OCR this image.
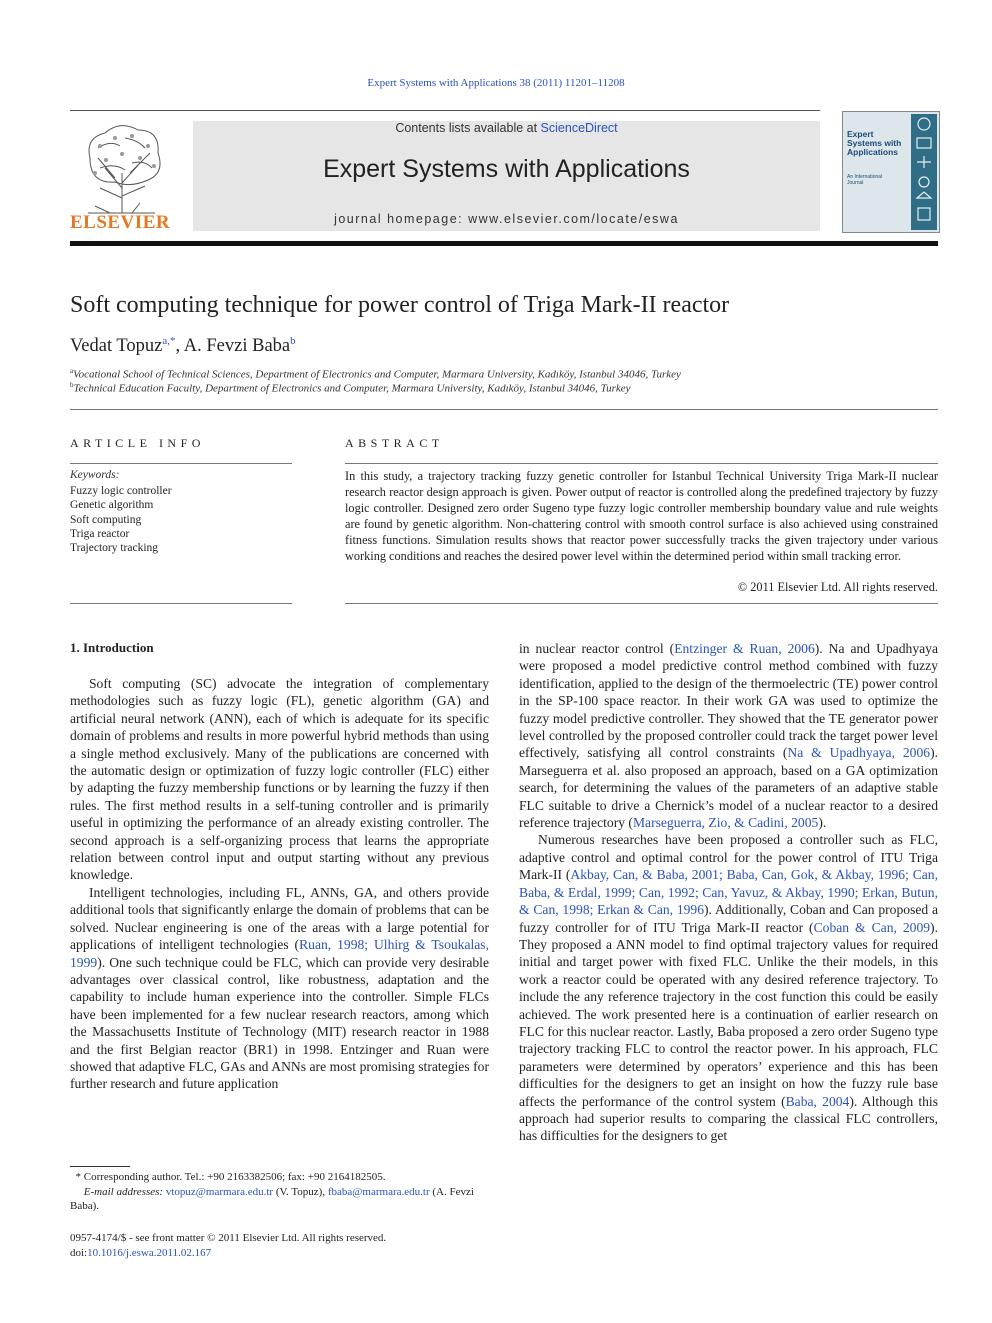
Expert Systems with Applications 38 (2011) 11201–11208
ELSEVIER
Contents lists available at ScienceDirect
Expert Systems with Applications
journal homepage: www.elsevier.com/locate/eswa
Expert Systems with Applications
An International Journal
Soft computing technique for power control of Triga Mark-II reactor
Vedat Topuz$^{a,*}$, A. Fevzi Baba$^b$
$^a$Vocational School of Technical Sciences, Department of Electronics and Computer, Marmara University, Kadıköy, Istanbul 34046, Turkey
$^b$Technical Education Faculty, Department of Electronics and Computer, Marmara University, Kadıköy, Istanbul 34046, Turkey
ARTICLE INFO
Keywords:
Fuzzy logic controller
Genetic algorithm
Soft computing
Triga reactor
Trajectory tracking
ABSTRACT
In this study, a trajectory tracking fuzzy genetic controller for Istanbul Technical University Triga Mark-II nuclear research reactor design approach is given. Power output of reactor is controlled along the predefined trajectory by fuzzy logic controller. Designed zero order Sugeno type fuzzy logic controller membership boundary value and rule weights are found by genetic algorithm. Non-chattering control with smooth control surface is also achieved using constrained fitness functions. Simulation results shows that reactor power successfully tracks the given trajectory under various working conditions and reaches the desired power level within the determined period within small tracking error.
© 2011 Elsevier Ltd. All rights reserved.
1. Introduction

Soft computing (SC) advocate the integration of complementary methodologies such as fuzzy logic (FL), genetic algorithm (GA) and artificial neural network (ANN), each of which is adequate for its specific domain of problems and results in more powerful hybrid methods than using a single method exclusively. Many of the publications are concerned with the automatic design or optimization of fuzzy logic controller (FLC) either by adapting the fuzzy membership functions or by learning the fuzzy if then rules. The first method results in a self-tuning controller and is primarily useful in optimizing the performance of an already existing controller. The second approach is a self-organizing process that learns the appropriate relation between control input and output starting without any previous knowledge.

Intelligent technologies, including FL, ANNs, GA, and others provide additional tools that significantly enlarge the domain of problems that can be solved. Nuclear engineering is one of the areas with a large potential for applications of intelligent technologies (Ruan, 1998; Ulhirg & Tsoukalas, 1999). One such technique could be FLC, which can provide very desirable advantages over classical control, like robustness, adaptation and the capability to include human experience into the controller. Simple FLCs have been implemented for a few nuclear research reactors, among which the Massachusetts Institute of Technology (MIT) research reactor in 1988 and the first Belgian reactor (BR1) in 1998. Entzinger and Ruan were showed that adaptive FLC, GAs and ANNs are most promising strategies for further research and future application

in nuclear reactor control (Entzinger & Ruan, 2006). Na and Upadhyaya were proposed a model predictive control method combined with fuzzy identification, applied to the design of the thermoelectric (TE) power control in the SP-100 space reactor. In their work GA was used to optimize the fuzzy model predictive controller. They showed that the TE generator power level controlled by the proposed controller could track the target power level effectively, satisfying all control constraints (Na & Upadhyaya, 2006). Marseguerra et al. also proposed an approach, based on a GA optimization search, for determining the values of the parameters of an adaptive stable FLC suitable to drive a Chernick’s model of a nuclear reactor to a desired reference trajectory (Marseguerra, Zio, & Cadini, 2005).

Numerous researches have been proposed a controller such as FLC, adaptive control and optimal control for the power control of ITU Triga Mark-II (Akbay, Can, & Baba, 2001; Baba, Can, Gok, & Akbay, 1996; Can, Baba, & Erdal, 1999; Can, 1992; Can, Yavuz, & Akbay, 1990; Erkan, Butun, & Can, 1998; Erkan & Can, 1996). Additionally, Coban and Can proposed a fuzzy controller for of ITU Triga Mark-II reactor (Coban & Can, 2009). They proposed a ANN model to find optimal trajectory values for required initial and target power with fixed FLC. Unlike the their models, in this work a reactor could be operated with any desired reference trajectory. To include the any reference trajectory in the cost function this could be easily achieved. The work presented here is a continuation of earlier research on FLC for this nuclear reactor. Lastly, Baba proposed a zero order Sugeno type trajectory tracking FLC to control the reactor power. In his approach, FLC parameters were determined by operators’ experience and this has been difficulties for the designers to get an insight on how the fuzzy rule base affects the performance of the control system (Baba, 2004). Although this approach had superior results to comparing the classical FLC controllers, has difficulties for the designers to get

* Corresponding author. Tel.: +90 2163382506; fax: +90 2164182505.
E-mail addresses: vtopuz@marmara.edu.tr (V. Topuz), fbaba@marmara.edu.tr (A. Fevzi Baba).
0957-4174/$ - see front matter © 2011 Elsevier Ltd. All rights reserved.
doi:10.1016/j.eswa.2011.02.167
